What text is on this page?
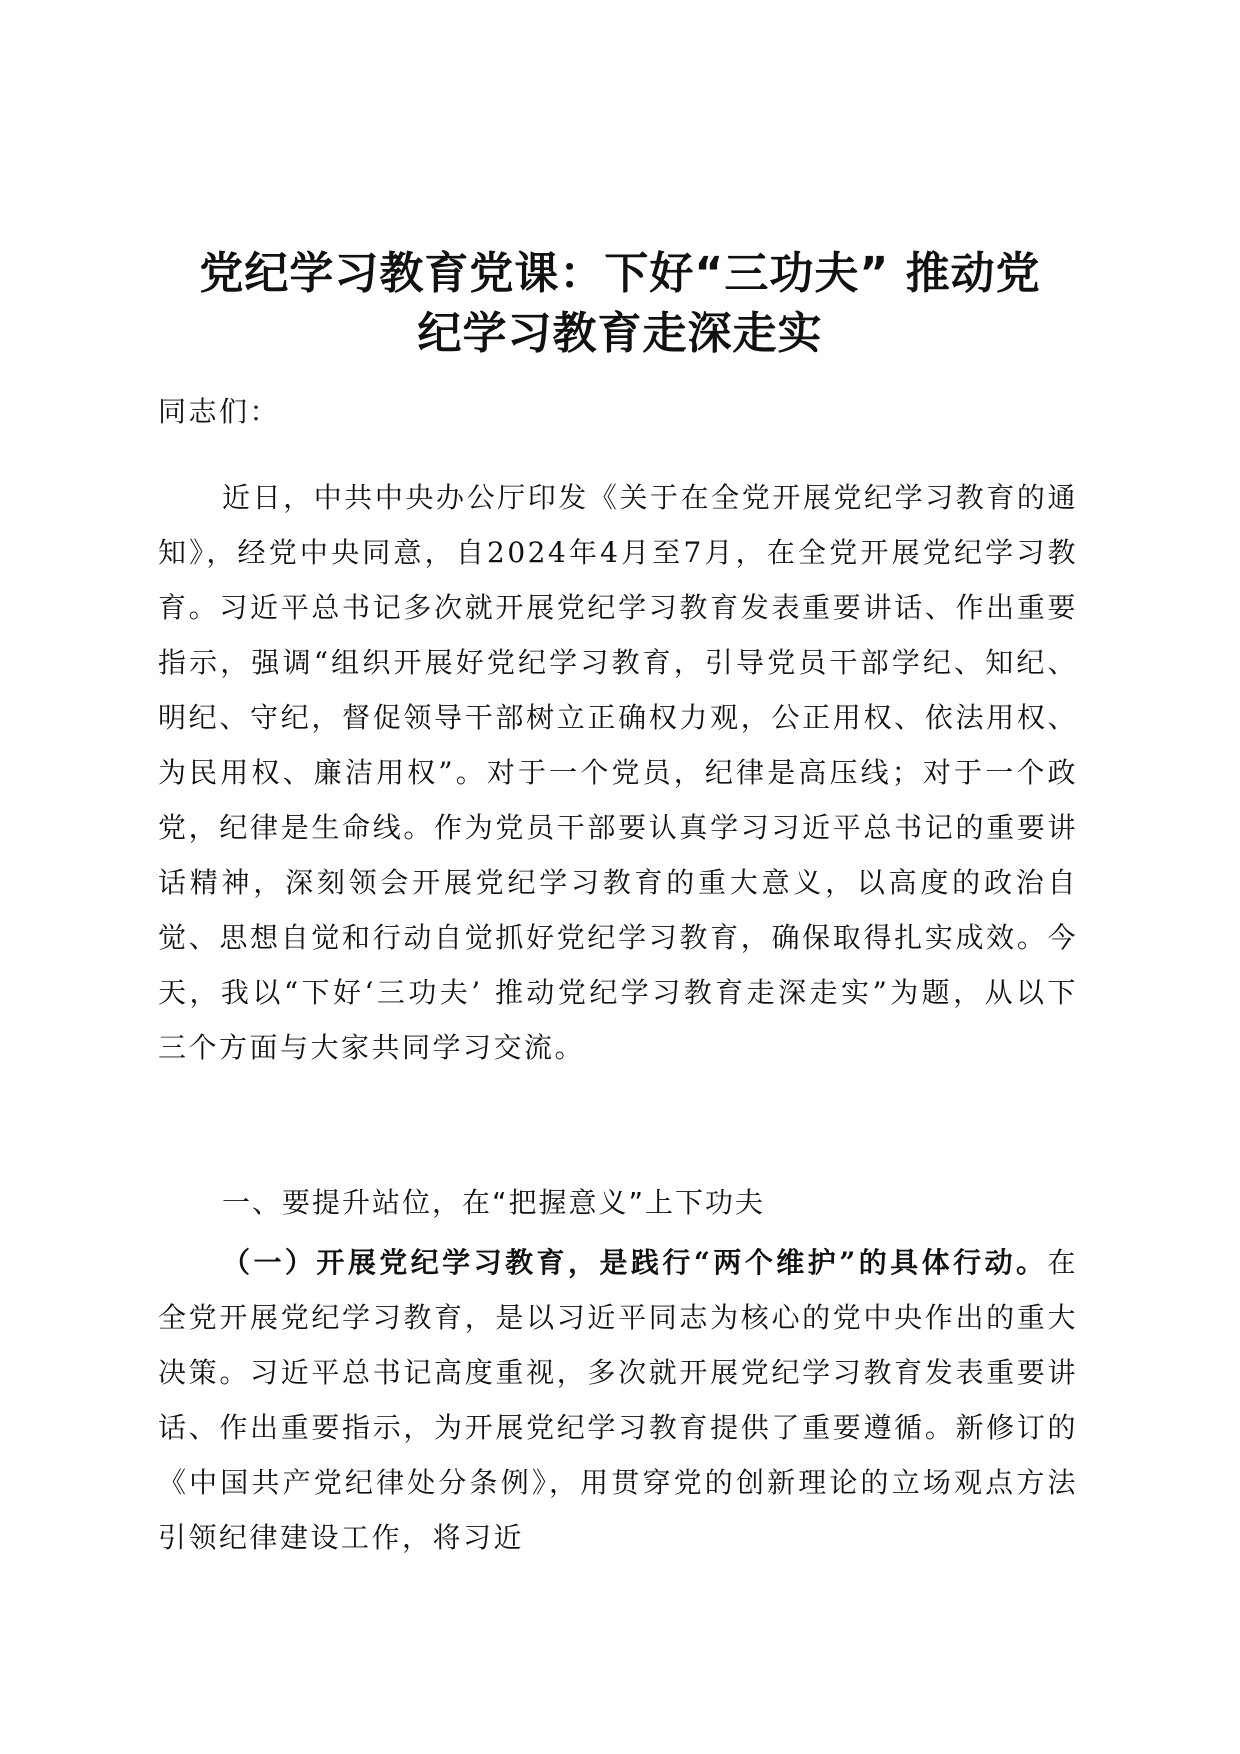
党纪学习教育党课：下好“三功夫” 推动党
纪学习教育走深走实

同志们：

近日，中共中央办公厅印发《关于在全党开展党纪学习教育的通知》，经党中央同意，自2024年4月至7月，在全党开展党纪学习教育。习近平总书记多次就开展党纪学习教育发表重要讲话、作出重要指示，强调“组织开展好党纪学习教育，引导党员干部学纪、知纪、明纪、守纪，督促领导干部树立正确权力观，公正用权、依法用权、为民用权、廉洁用权”。对于一个党员，纪律是高压线；对于一个政党，纪律是生命线。作为党员干部要认真学习习近平总书记的重要讲话精神，深刻领会开展党纪学习教育的重大意义，以高度的政治自觉、思想自觉和行动自觉抓好党纪学习教育，确保取得扎实成效。今天，我以“下好‘三功夫’ 推动党纪学习教育走深走实”为题，从以下三个方面与大家共同学习交流。

一、要提升站位，在“把握意义”上下功夫

（一）开展党纪学习教育，是践行“两个维护”的具体行动。在全党开展党纪学习教育，是以习近平同志为核心的党中央作出的重大决策。习近平总书记高度重视，多次就开展党纪学习教育发表重要讲话、作出重要指示，为开展党纪学习教育提供了重要遵循。新修订的《中国共产党纪律处分条例》，用贯穿党的创新理论的立场观点方法引领纪律建设工作，将习近
